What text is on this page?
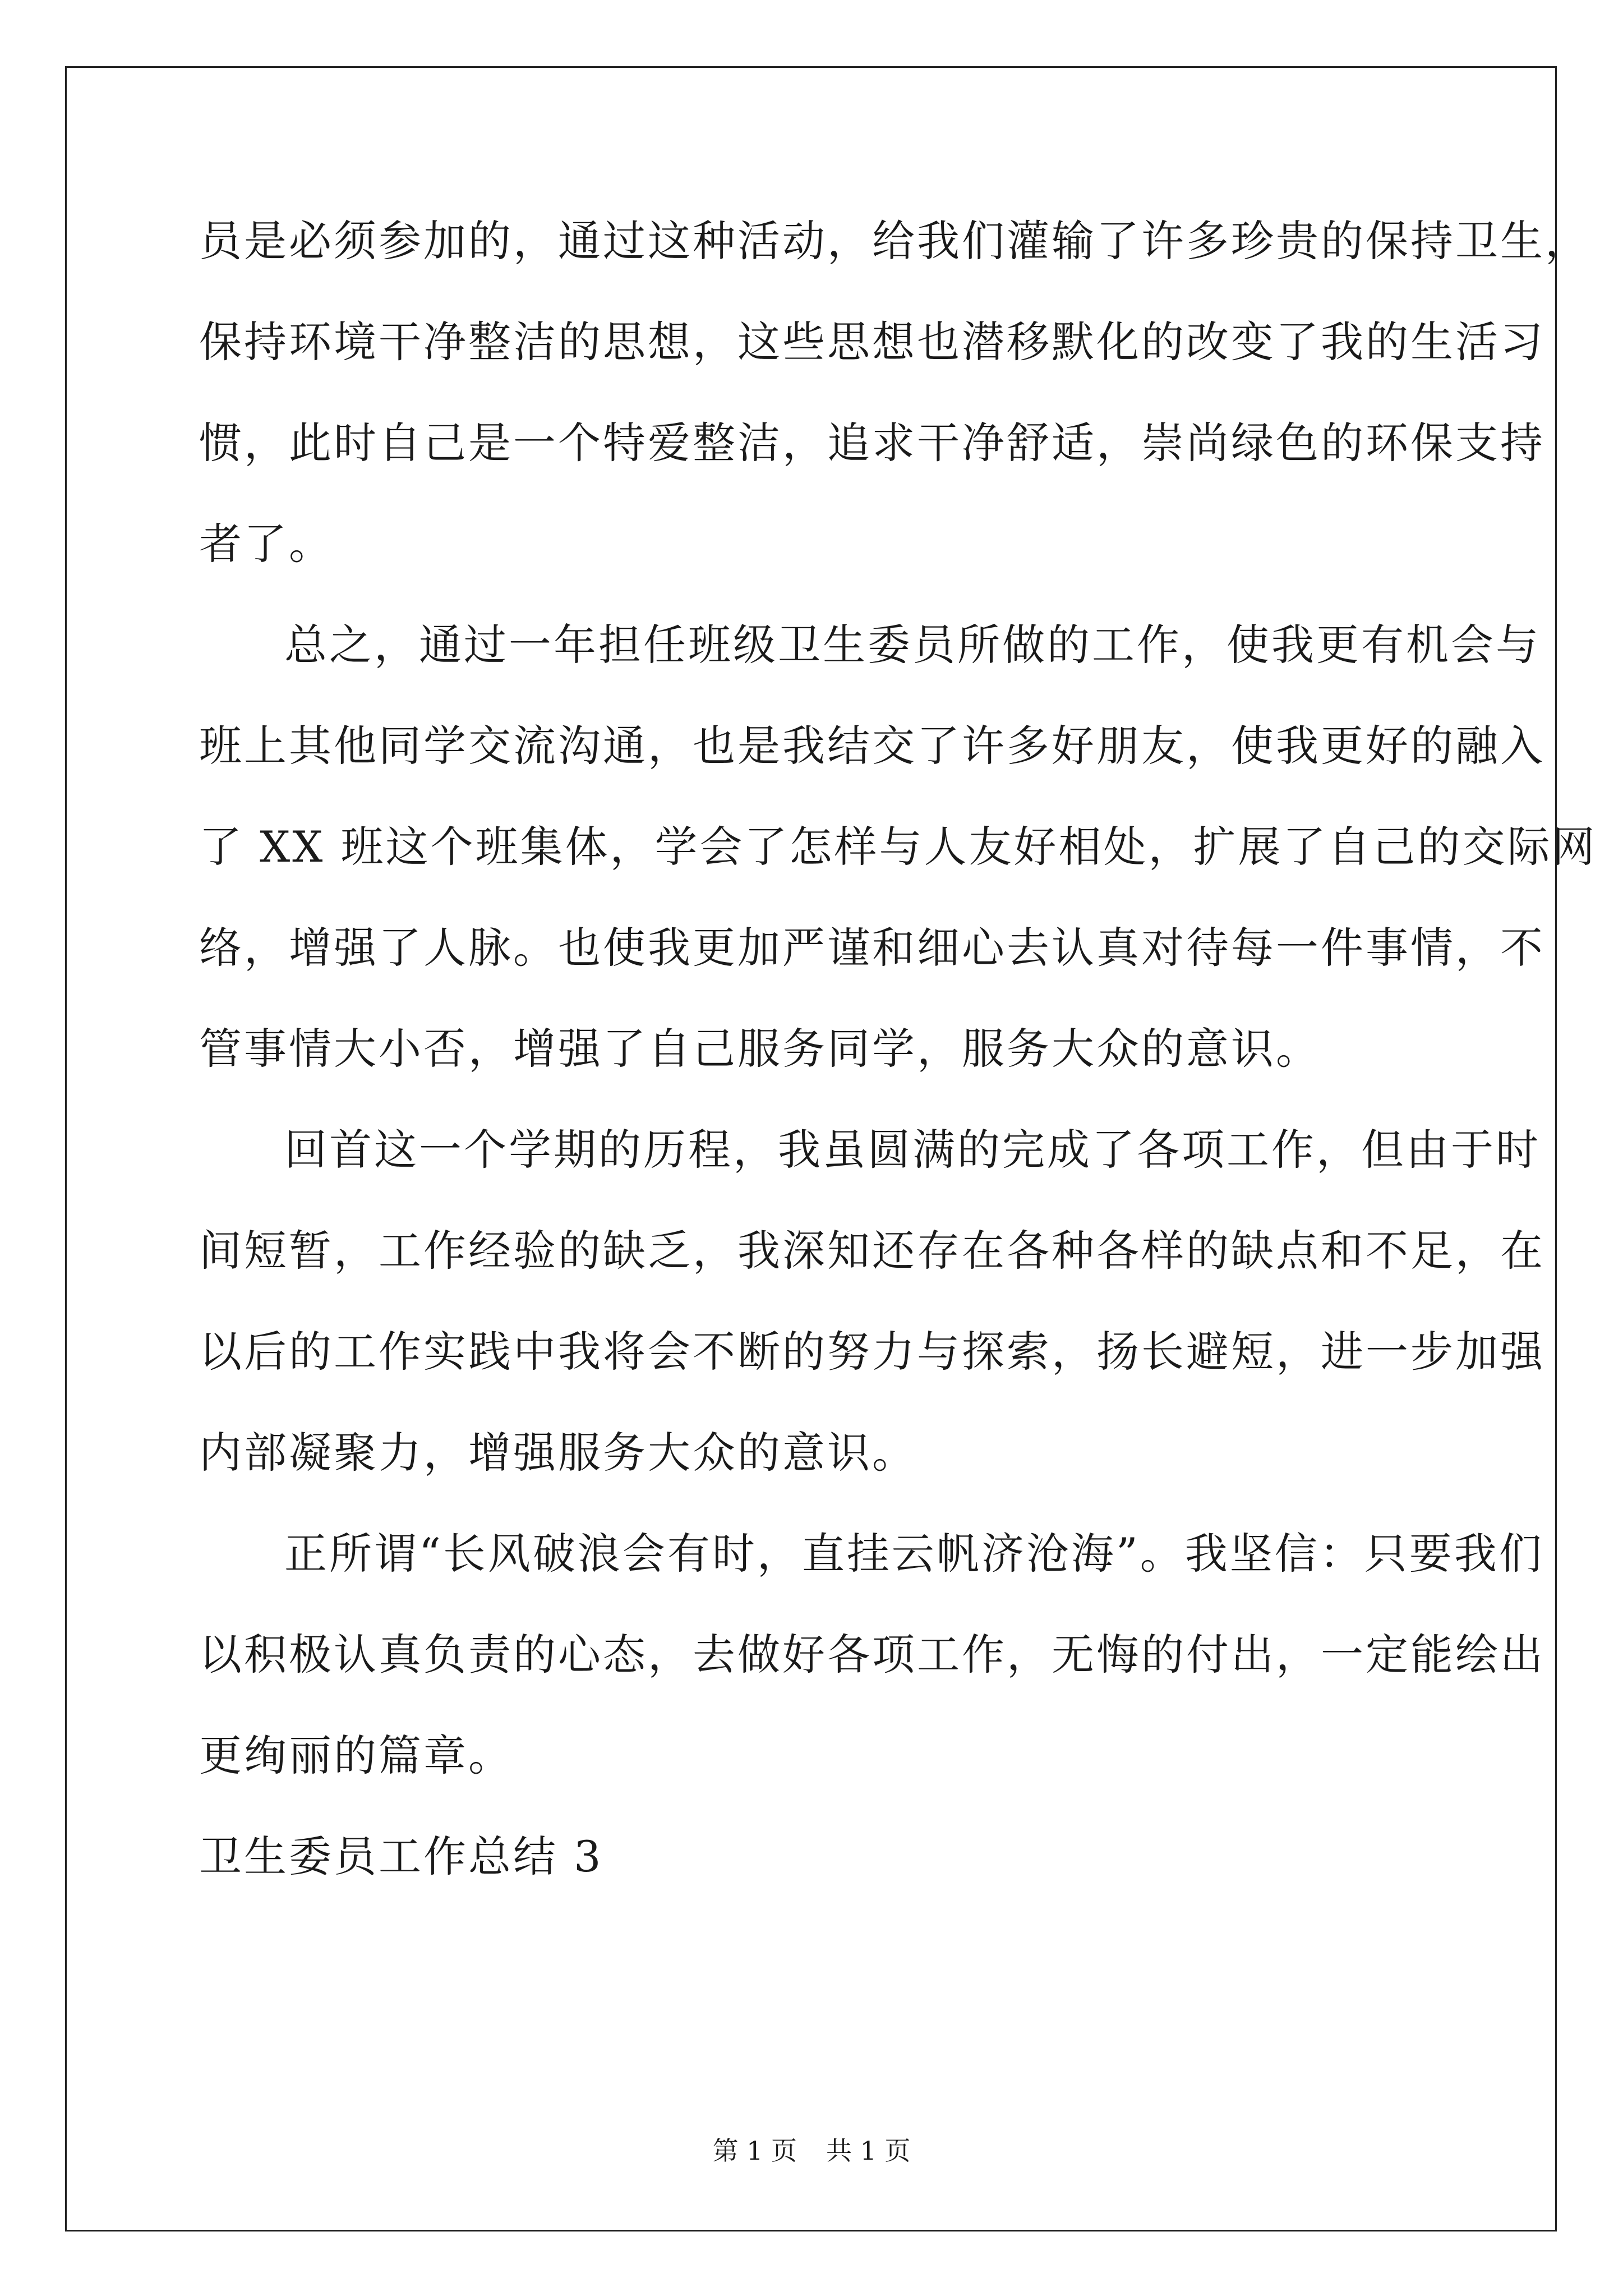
员是必须参加的，通过这种活动，给我们灌输了许多珍贵的保持卫生，
保持环境干净整洁的思想，这些思想也潜移默化的改变了我的生活习
惯，此时自己是一个特爱整洁，追求干净舒适，崇尚绿色的环保支持
者了。
总之，通过一年担任班级卫生委员所做的工作，使我更有机会与
班上其他同学交流沟通，也是我结交了许多好朋友，使我更好的融入
了 XX 班这个班集体，学会了怎样与人友好相处，扩展了自己的交际网
络，增强了人脉。也使我更加严谨和细心去认真对待每一件事情，不
管事情大小否，增强了自己服务同学，服务大众的意识。
回首这一个学期的历程，我虽圆满的完成了各项工作，但由于时
间短暂，工作经验的缺乏，我深知还存在各种各样的缺点和不足，在
以后的工作实践中我将会不断的努力与探索，扬长避短，进一步加强
内部凝聚力，增强服务大众的意识。
正所谓“长风破浪会有时，直挂云帆济沧海”。我坚信：只要我们
以积极认真负责的心态，去做好各项工作，无悔的付出，一定能绘出
更绚丽的篇章。
卫生委员工作总结 3
第 1 页 共 1 页
